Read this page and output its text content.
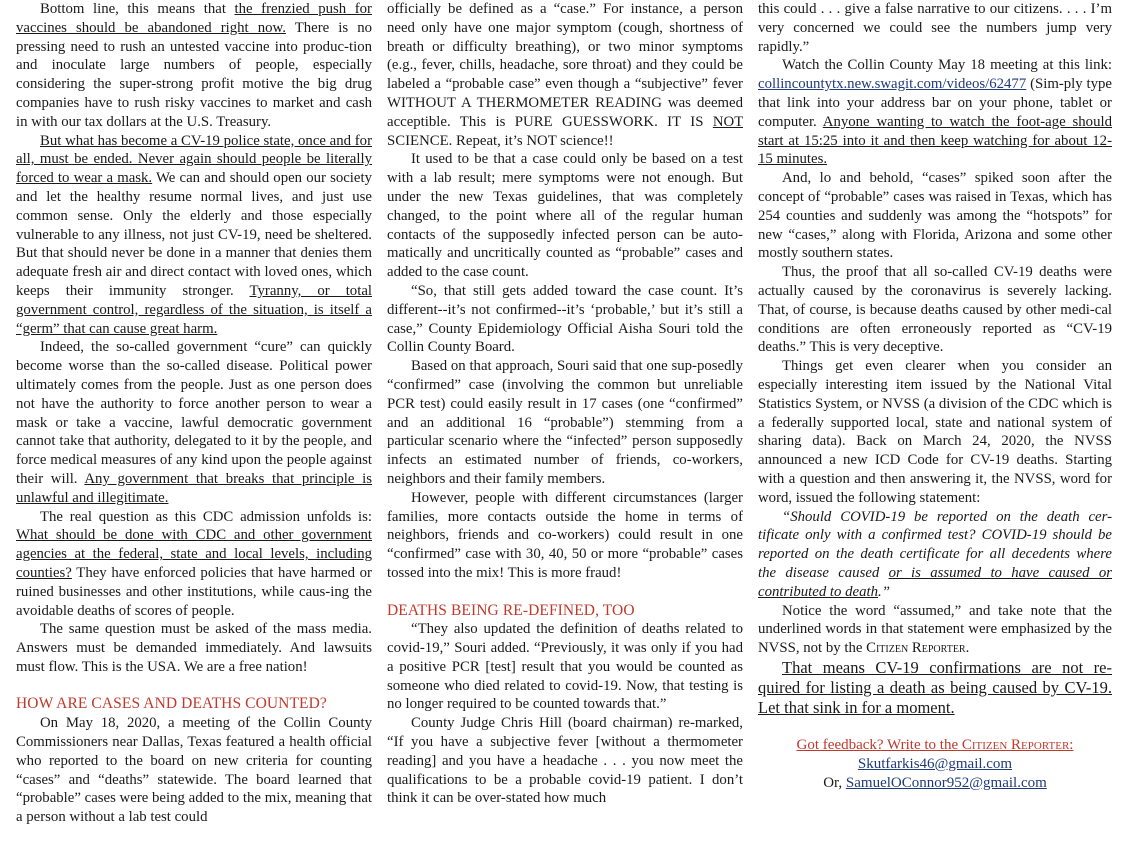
Bottom line, this means that the frenzied push for vaccines should be abandoned right now. There is no pressing need to rush an untested vaccine into produc-tion and inoculate large numbers of people, especially considering the super-strong profit motive the big drug companies have to rush risky vaccines to market and cash in with our tax dollars at the U.S. Treasury.

But what has become a CV-19 police state, once and for all, must be ended. Never again should people be literally forced to wear a mask. We can and should open our society and let the healthy resume normal lives, and just use common sense. Only the elderly and those especially vulnerable to any illness, not just CV-19, need be sheltered. But that should never be done in a manner that denies them adequate fresh air and direct contact with loved ones, which keeps their immunity stronger. Tyranny, or total government control, regardless of the situation, is itself a “germ” that can cause great harm.

Indeed, the so-called government “cure” can quickly become worse than the so-called disease. Political power ultimately comes from the people. Just as one person does not have the authority to force another person to wear a mask or take a vaccine, lawful democratic government cannot take that authority, delegated to it by the people, and force medical measures of any kind upon the people against their will. Any government that breaks that principle is unlawful and illegitimate.

The real question as this CDC admission unfolds is: What should be done with CDC and other government agencies at the federal, state and local levels, including counties? They have enforced policies that have harmed or ruined businesses and other institutions, while caus-ing the avoidable deaths of scores of people.

The same question must be asked of the mass media. Answers must be demanded immediately. And lawsuits must flow. This is the USA. We are a free nation!

HOW ARE CASES AND DEATHS COUNTED?

On May 18, 2020, a meeting of the Collin County Commissioners near Dallas, Texas featured a health official who reported to the board on new criteria for counting “cases” and “deaths” statewide. The board learned that “probable” cases were being added to the mix, meaning that a person without a lab test could

officially be defined as a “case.” For instance, a person need only have one major symptom (cough, shortness of breath or difficulty breathing), or two minor symptoms (e.g., fever, chills, headache, sore throat) and they could be labeled a “probable case” even though a “subjective” fever WITHOUT A THERMOMETER READING was deemed acceptible. This is PURE GUESSWORK. IT IS NOT SCIENCE. Repeat, it’s NOT science!!

It used to be that a case could only be based on a test with a lab result; mere symptoms were not enough. But under the new Texas guidelines, that was completely changed, to the point where all of the regular human contacts of the supposedly infected person can be auto-matically and uncritically counted as “probable” cases and added to the case count.

“So, that still gets added toward the case count. It’s different--it’s not confirmed--it’s ‘probable,’ but it’s still a case,” County Epidemiology Official Aisha Souri told the Collin County Board.

Based on that approach, Souri said that one sup-posedly “confirmed” case (involving the common but unreliable PCR test) could easily result in 17 cases (one “confirmed” and an additional 16 “probable”) stemming from a particular scenario where the “infected” person supposedly infects an estimated number of friends, co-workers, neighbors and their family members.

However, people with different circumstances (larger families, more contacts outside the home in terms of neighbors, friends and co-workers) could result in one “confirmed” case with 30, 40, 50 or more “probable” cases tossed into the mix! This is more fraud!

DEATHS BEING RE-DEFINED, TOO

“They also updated the definition of deaths related to covid-19,” Souri added. “Previously, it was only if you had a positive PCR [test] result that you would be counted as someone who died related to covid-19. Now, that testing is no longer required to be counted towards that.”

County Judge Chris Hill (board chairman) re-marked, “If you have a subjective fever [without a thermometer reading] and you have a headache . . . you now meet the qualifications to be a probable covid-19 patient. I don’t think it can be over-stated how much

this could . . . give a false narrative to our citizens. . . . I’m very concerned we could see the numbers jump very rapidly.”

Watch the Collin County May 18 meeting at this link: collincountytx.new.swagit.com/videos/62477 (Sim-ply type that link into your address bar on your phone, tablet or computer. Anyone wanting to watch the foot-age should start at 15:25 into it and then keep watching for about 12-15 minutes.

And, lo and behold, “cases” spiked soon after the concept of “probable” cases was raised in Texas, which has 254 counties and suddenly was among the “hotspots” for new “cases,” along with Florida, Arizona and some other mostly southern states.

Thus, the proof that all so-called CV-19 deaths were actually caused by the coronavirus is severely lacking. That, of course, is because deaths caused by other medi-cal conditions are often erroneously reported as “CV-19 deaths.” This is very deceptive.

Things get even clearer when you consider an especially interesting item issued by the National Vital Statistics System, or NVSS (a division of the CDC which is a federally supported local, state and national system of sharing data). Back on March 24, 2020, the NVSS announced a new ICD Code for CV-19 deaths. Starting with a question and then answering it, the NVSS, word for word, issued the following statement:

“Should COVID-19 be reported on the death cer-tificate only with a confirmed test? COVID-19 should be reported on the death certificate for all decedents where the disease caused or is assumed to have caused or contributed to death.”

Notice the word “assumed,” and take note that the underlined words in that statement were emphasized by the NVSS, not by the Citizen Reporter.

That means CV-19 confirmations are not re-quired for listing a death as being caused by CV-19. Let that sink in for a moment.

Got feedback? Write to the Citizen Reporter:

Skutfarkis46@gmail.com

Or, SamuelOConnor952@gmail.com
